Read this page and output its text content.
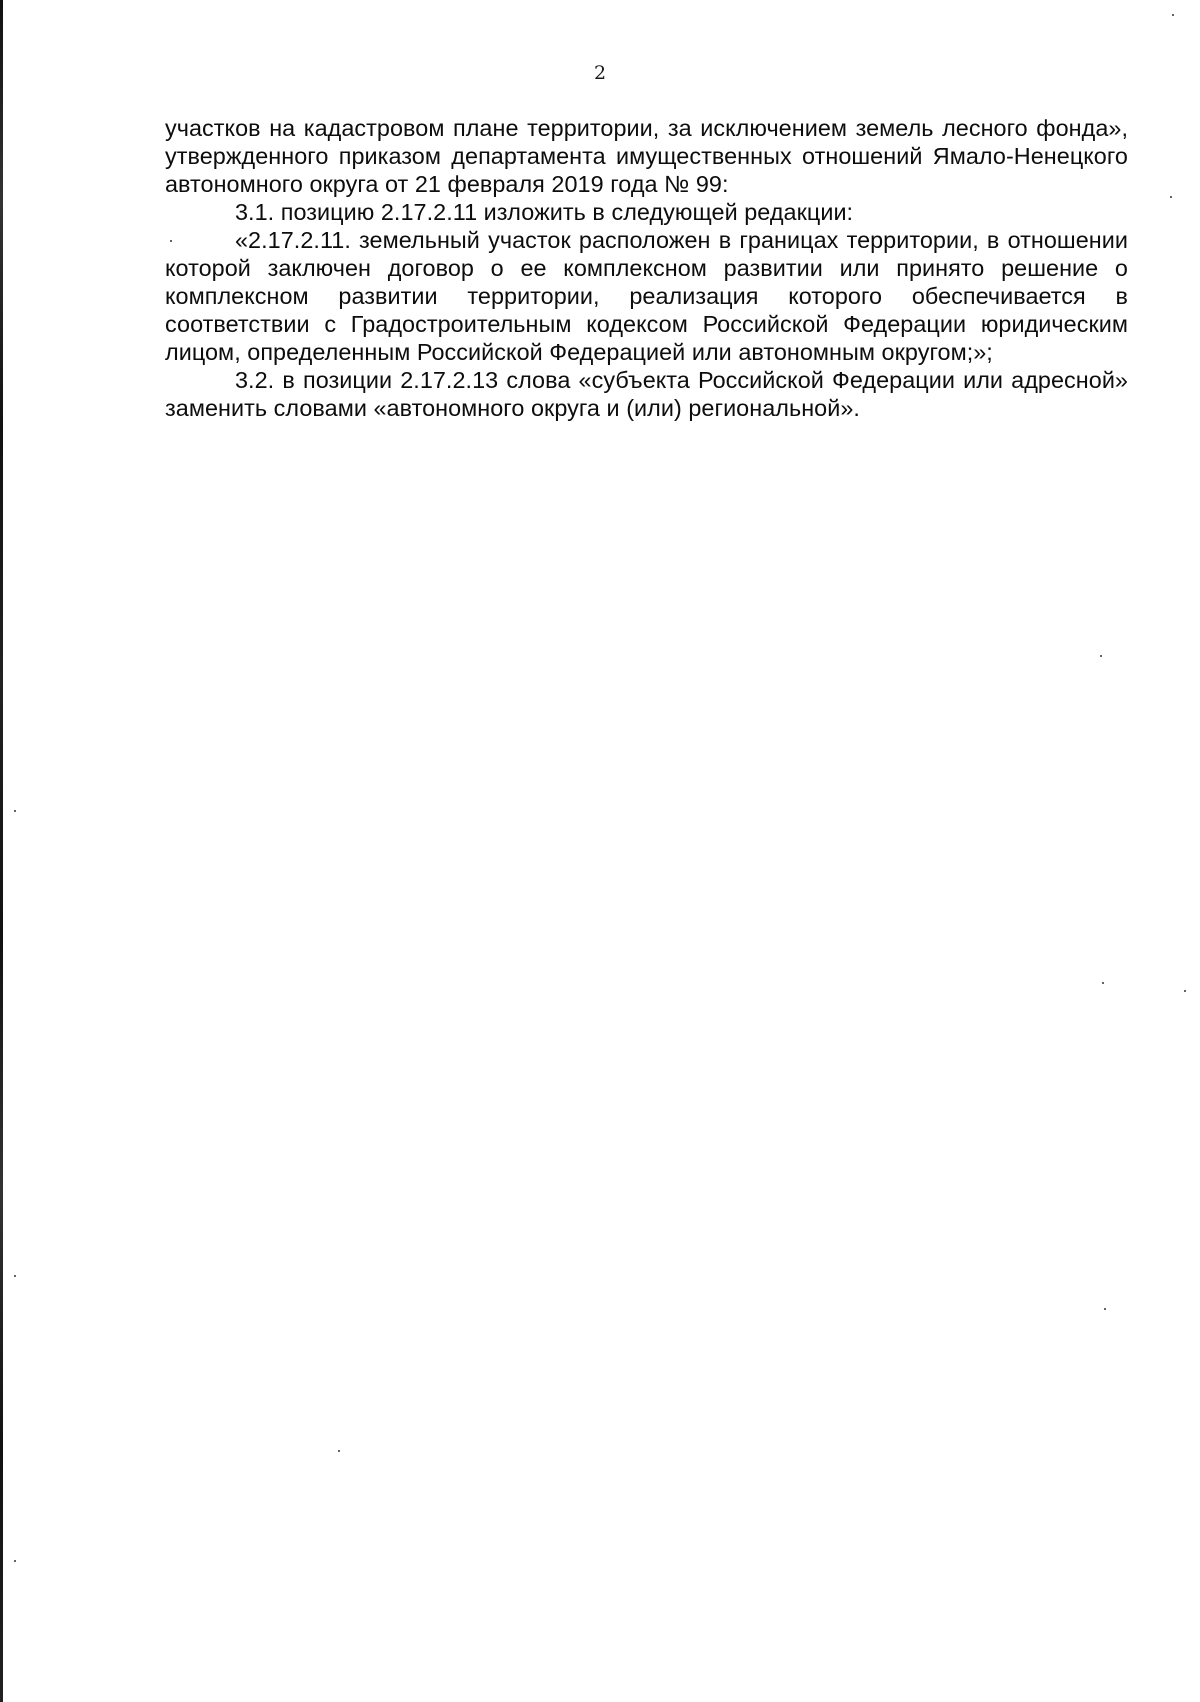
2

участков на кадастровом плане территории, за исключением земель лесного фонда», утвержденного приказом департамента имущественных отношений Ямало-Ненецкого автономного округа от 21 февраля 2019 года № 99:

3.1. позицию 2.17.2.11 изложить в следующей редакции:

«2.17.2.11. земельный участок расположен в границах территории, в отношении которой заключен договор о ее комплексном развитии или принято решение о комплексном развитии территории, реализация которого обеспечивается в соответствии с Градостроительным кодексом Российской Федерации юридическим лицом, определенным Российской Федерацией или автономным округом;»;

3.2. в позиции 2.17.2.13 слова «субъекта Российской Федерации или адресной» заменить словами «автономного округа и (или) региональной».
